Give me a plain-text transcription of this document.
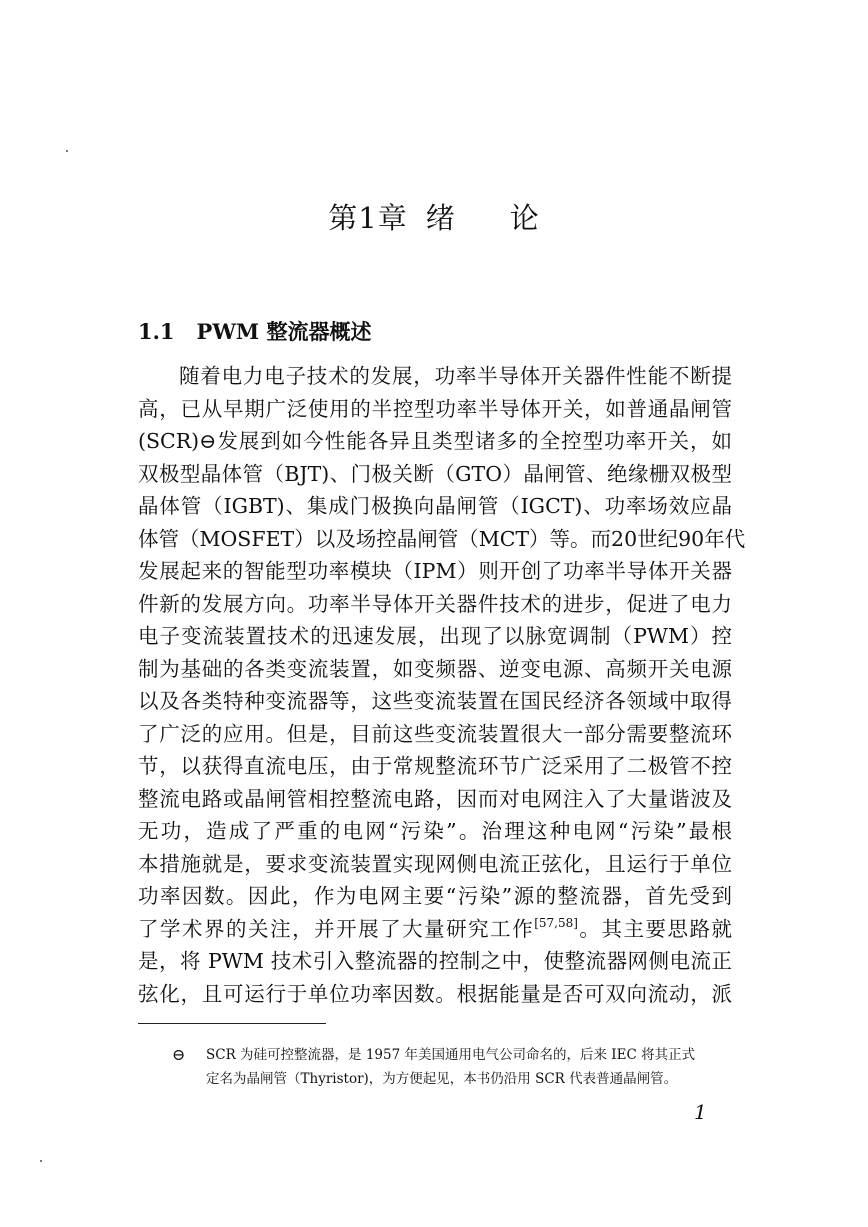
第1章 绪 论
1.1 PWM 整流器概述

随着电力电子技术的发展，功率半导体开关器件性能不断提

高，已从早期广泛使用的半控型功率半导体开关，如普通晶闸管

(SCR)⊖发展到如今性能各异且类型诸多的全控型功率开关，如

双极型晶体管（BJT)、门极关断（GTO）晶闸管、绝缘栅双极型

晶体管（IGBT)、集成门极换向晶闸管（IGCT)、功率场效应晶

体管（MOSFET）以及场控晶闸管（MCT）等。而20世纪90年代

发展起来的智能型功率模块（IPM）则开创了功率半导体开关器

件新的发展方向。功率半导体开关器件技术的进步，促进了电力

电子变流装置技术的迅速发展，出现了以脉宽调制（PWM）控

制为基础的各类变流装置，如变频器、逆变电源、高频开关电源

以及各类特种变流器等，这些变流装置在国民经济各领域中取得

了广泛的应用。但是，目前这些变流装置很大一部分需要整流环

节，以获得直流电压，由于常规整流环节广泛采用了二极管不控

整流电路或晶闸管相控整流电路，因而对电网注入了大量谐波及

无功，造成了严重的电网“污染”。治理这种电网“污染”最根

本措施就是，要求变流装置实现网侧电流正弦化，且运行于单位

功率因数。因此，作为电网主要“污染”源的整流器，首先受到

了学术界的关注，并开展了大量研究工作[57,58]。其主要思路就

是，将 PWM 技术引入整流器的控制之中，使整流器网侧电流正

弦化，且可运行于单位功率因数。根据能量是否可双向流动，派

⊖ SCR 为硅可控整流器，是 1957 年美国通用电气公司命名的，后来 IEC 将其正式
定名为晶闸管（Thyristor)，为方便起见，本书仍沿用 SCR 代表普通晶闸管。
1
